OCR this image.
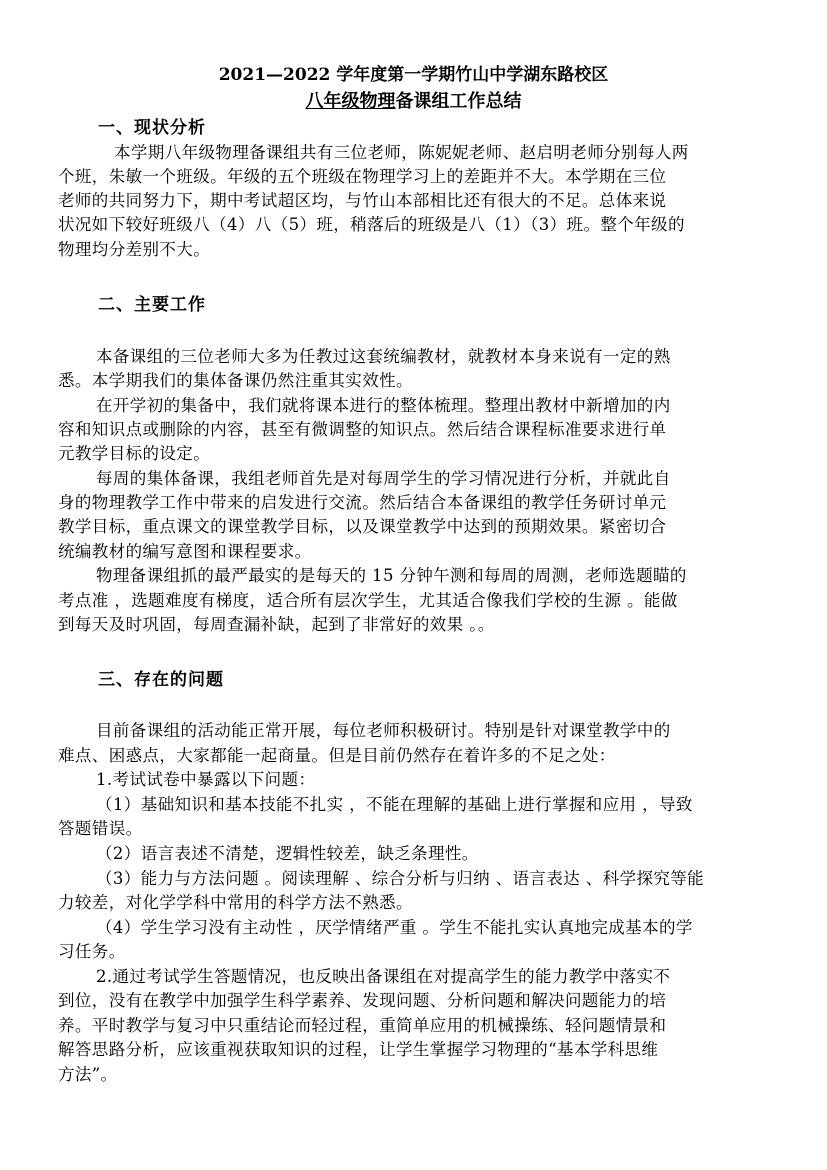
2021—2022 学年度第一学期竹山中学湖东路校区
八年级物理备课组工作总结
一、现状分析
本学期八年级物理备课组共有三位老师，陈妮妮老师、赵启明老师分别每人两
个班，朱敏一个班级。年级的五个班级在物理学习上的差距并不大。本学期在三位
老师的共同努力下，期中考试超区均，与竹山本部相比还有很大的不足。总体来说
状况如下较好班级八（4）八（5）班，稍落后的班级是八（1）（3）班。整个年级的
物理均分差别不大。
二、主要工作
本备课组的三位老师大多为任教过这套统编教材，就教材本身来说有一定的熟
悉。本学期我们的集体备课仍然注重其实效性。
在开学初的集备中，我们就将课本进行的整体梳理。整理出教材中新增加的内
容和知识点或删除的内容，甚至有微调整的知识点。然后结合课程标准要求进行单
元教学目标的设定。
每周的集体备课，我组老师首先是对每周学生的学习情况进行分析，并就此自
身的物理教学工作中带来的启发进行交流。然后结合本备课组的教学任务研讨单元
教学目标，重点课文的课堂教学目标，以及课堂教学中达到的预期效果。紧密切合
统编教材的编写意图和课程要求。
物理备课组抓的最严最实的是每天的 15 分钟午测和每周的周测，老师选题瞄的
考点准 ，选题难度有梯度，适合所有层次学生，尤其适合像我们学校的生源 。能做
到每天及时巩固，每周查漏补缺，起到了非常好的效果 。。
三、存在的问题
目前备课组的活动能正常开展，每位老师积极研讨。特别是针对课堂教学中的
难点、困惑点，大家都能一起商量。但是目前仍然存在着许多的不足之处：
1.考试试卷中暴露以下问题：
（1）基础知识和基本技能不扎实 ，不能在理解的基础上进行掌握和应用 ，导致
答题错误。
（2）语言表述不清楚，逻辑性较差，缺乏条理性。
（3）能力与方法问题 。阅读理解 、综合分析与归纳 、语言表达 、科学探究等能
力较差，对化学学科中常用的科学方法不熟悉。
（4）学生学习没有主动性 ，厌学情绪严重 。学生不能扎实认真地完成基本的学
习任务。
2.通过考试学生答题情况，也反映出备课组在对提高学生的能力教学中落实不
到位，没有在教学中加强学生科学素养、发现问题、分析问题和解决问题能力的培
养。平时教学与复习中只重结论而轻过程，重简单应用的机械操练、轻问题情景和
解答思路分析，应该重视获取知识的过程，让学生掌握学习物理的“基本学科思维
方法”。
